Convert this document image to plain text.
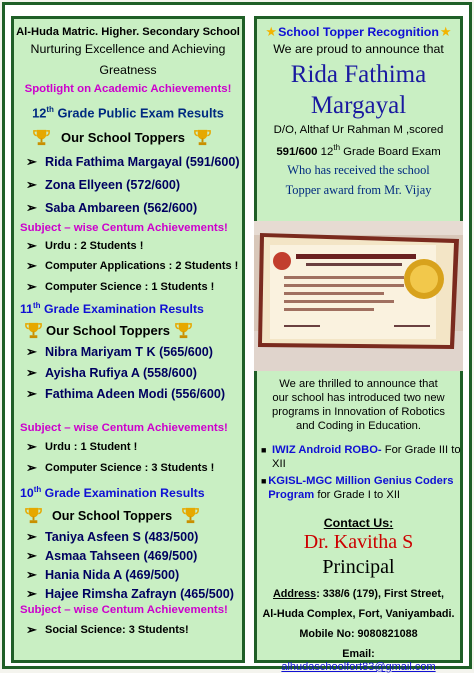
Al-Huda Matric. Higher. Secondary School
Nurturing Excellence and Achieving
Greatness
Spotlight on Academic Achievements!
12th Grade Public Exam Results
Our School Toppers
➢ Rida Fathima Margayal (591/600)
➢ Zona Ellyeen (572/600)
➢ Saba Ambareen (562/600)
Subject – wise Centum Achievements!
➢ Urdu : 2 Students !
➢ Computer Applications : 2 Students !
➢ Computer Science : 1 Students !
11th Grade Examination Results
Our School Toppers
➢ Nibra Mariyam T K (565/600)
➢ Ayisha Rufiya A (558/600)
➢ Fathima Adeen Modi (556/600)
Subject – wise Centum Achievements!
➢ Urdu : 1 Student !
➢ Computer Science : 3 Students !
10th Grade Examination Results
Our School Toppers
➢ Taniya Asfeen S (483/500)
➢ Asmaa Tahseen (469/500)
➢ Hania Nida A (469/500)
➢ Hajee Rimsha Zafrayn (465/500)
Subject – wise Centum Achievements!
➢ Social Science: 3 Students!
★ School Topper Recognition ★
We are proud to announce that
Rida Fathima
Margayal
D/O, Althaf Ur Rahman M ,scored
591/600 12th Grade Board Exam
Who has received the school
Topper award from Mr. Vijay
We are thrilled to announce that
our school has introduced two new
programs in Innovation of Robotics
and Coding in Education.
■ IWIZ Android ROBO- For Grade III to XII
■ KGISL-MGC Million Genius Coders Program for Grade I to XII
Contact Us:
Dr. Kavitha S
Principal
Address: 338/6 (179), First Street,
Al-Huda Complex, Fort, Vaniyambadi.
Mobile No: 9080821088
Email:
alhudaschoolfort83@gmail.com
